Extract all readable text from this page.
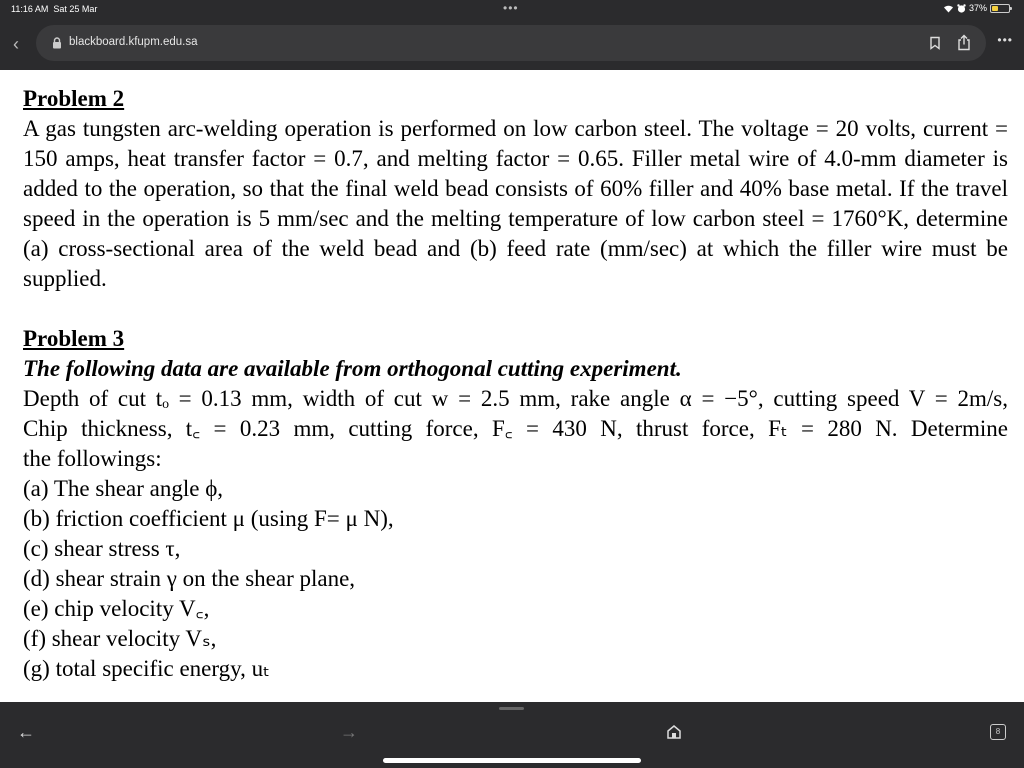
11:16 AM Sat 25 Mar	•••	37%
‹	blackboard.kfupm.edu.sa	•••
Problem 2
A gas tungsten arc-welding operation is performed on low carbon steel. The voltage = 20 volts, current = 150 amps, heat transfer factor = 0.7, and melting factor = 0.65. Filler metal wire of 4.0-mm diameter is added to the operation, so that the final weld bead consists of 60% filler and 40% base metal. If the travel speed in the operation is 5 mm/sec and the melting temperature of low carbon steel = 1760°K, determine (a) cross-sectional area of the weld bead and (b) feed rate (mm/sec) at which the filler wire must be supplied.
Problem 3
The following data are available from orthogonal cutting experiment.
Depth of cut tₒ = 0.13 mm, width of cut w = 2.5 mm, rake angle α = −5°, cutting speed V = 2m/s,
Chip thickness, t꜀ = 0.23 mm, cutting force, F꜀ = 430 N, thrust force, Fₜ = 280 N. Determine
the followings:
(a) The shear angle ϕ,
(b) friction coefficient μ (using F= μ N),
(c) shear stress τ,
(d) shear strain γ on the shear plane,
(e) chip velocity V꜀,
(f) shear velocity Vₛ,
(g) total specific energy, uₜ
←	→	8
